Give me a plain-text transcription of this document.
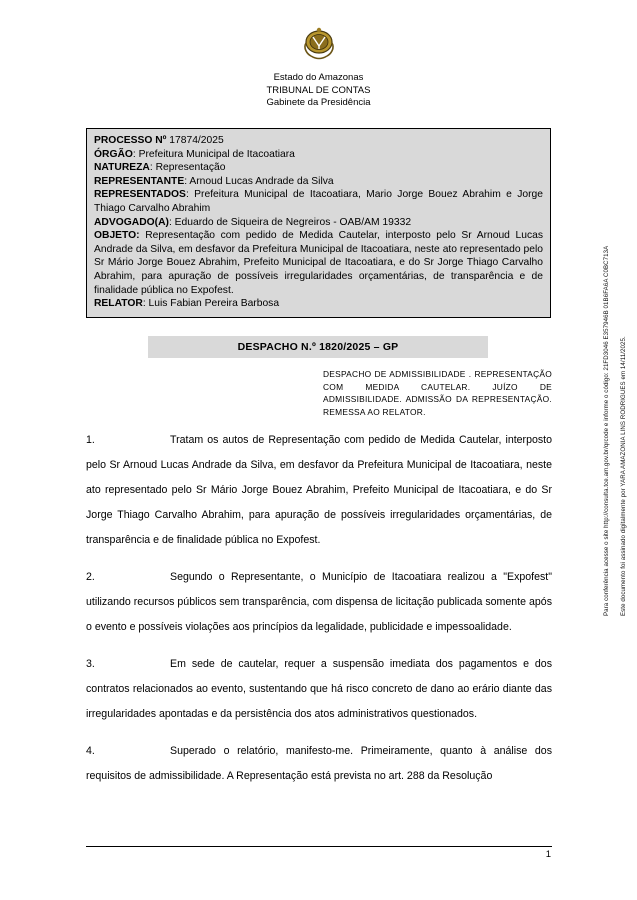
Estado do Amazonas
TRIBUNAL DE CONTAS
Gabinete da Presidência
PROCESSO Nº 17874/2025
ÓRGÃO: Prefeitura Municipal de Itacoatiara
NATUREZA: Representação
REPRESENTANTE: Arnoud Lucas Andrade da Silva
REPRESENTADOS: Prefeitura Municipal de Itacoatiara, Mario Jorge Bouez Abrahim e Jorge Thiago Carvalho Abrahim
ADVOGADO(A): Eduardo de Siqueira de Negreiros - OAB/AM 19332
OBJETO: Representação com pedido de Medida Cautelar, interposto pelo Sr Arnoud Lucas Andrade da Silva, em desfavor da Prefeitura Municipal de Itacoatiara, neste ato representado pelo Sr Mário Jorge Bouez Abrahim, Prefeito Municipal de Itacoatiara, e do Sr Jorge Thiago Carvalho Abrahim, para apuração de possíveis irregularidades orçamentárias, de transparência e de finalidade pública no Expofest.
RELATOR: Luis Fabian Pereira Barbosa
DESPACHO N.º 1820/2025 – GP
DESPACHO DE ADMISSIBILIDADE . REPRESENTAÇÃO COM MEDIDA CAUTELAR. JUÍZO DE ADMISSIBILIDADE. ADMISSÃO DA REPRESENTAÇÃO. REMESSA AO RELATOR.

1.	Tratam os autos de Representação com pedido de Medida Cautelar, interposto pelo Sr Arnoud Lucas Andrade da Silva, em desfavor da Prefeitura Municipal de Itacoatiara, neste ato representado pelo Sr Mário Jorge Bouez Abrahim, Prefeito Municipal de Itacoatiara, e do Sr Jorge Thiago Carvalho Abrahim, para apuração de possíveis irregularidades orçamentárias, de transparência e de finalidade pública no Expofest.

2.	Segundo o Representante, o Município de Itacoatiara realizou a "Expofest" utilizando recursos públicos sem transparência, com dispensa de licitação publicada somente após o evento e possíveis violações aos princípios da legalidade, publicidade e impessoalidade.

3.	Em sede de cautelar, requer a suspensão imediata dos pagamentos e dos contratos relacionados ao evento, sustentando que há risco concreto de dano ao erário diante das irregularidades apontadas e da persistência dos atos administrativos questionados.

4.	Superado o relatório, manifesto-me. Primeiramente, quanto à análise dos requisitos de admissibilidade. A Representação está prevista no art. 288 da Resolução

Este documento foi assinado digitalmente por YARA AMAZONIA LINS RODRIGUES em 14/11/2025.
Para conferência acesse o site http://consulta.tce.am.gov.br/qrcode e informe o código: 21FD3046 E357946B 01B6FA6A C0BC713A
1
